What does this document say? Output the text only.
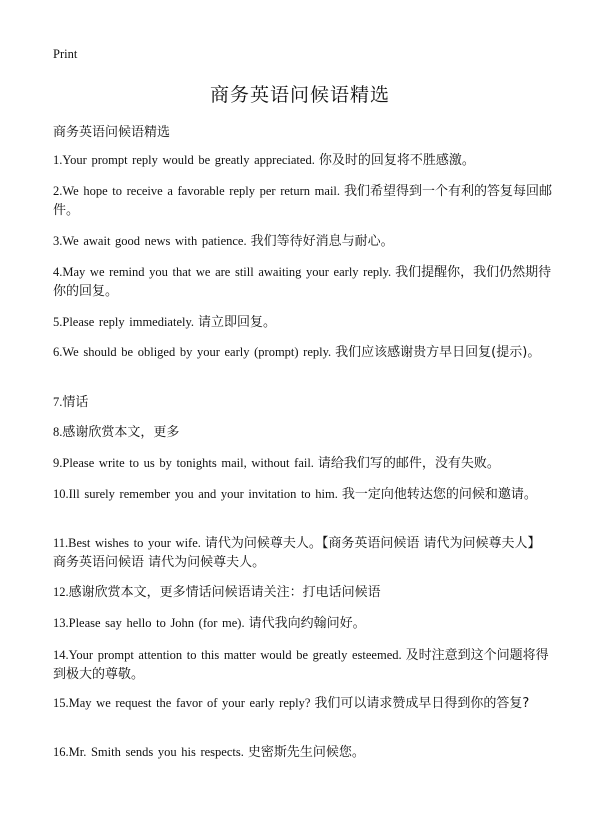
Print
商务英语问候语精选
商务英语问候语精选
1.Your prompt reply would be greatly appreciated. 你及时的回复将不胜感激。
2.We hope to receive a favorable reply per return mail. 我们希望得到一个有利的答复每回邮件。
3.We await good news with patience. 我们等待好消息与耐心。
4.May we remind you that we are still awaiting your early reply. 我们提醒你，我们仍然期待你的回复。
5.Please reply immediately. 请立即回复。
6.We should be obliged by your early (prompt) reply. 我们应该感谢贵方早日回复(提示)。
7.情话
8.感谢欣赏本文，更多
9.Please write to us by tonights mail, without fail. 请给我们写的邮件，没有失败。
10.Ill surely remember you and your invitation to him. 我一定向他转达您的问候和邀请。
11.Best wishes to your wife. 请代为问候尊夫人。【商务英语问候语 请代为问候尊夫人】商务英语问候语 请代为问候尊夫人。
12.感谢欣赏本文，更多情话问候语请关注：打电话问候语
13.Please say hello to John (for me). 请代我向约翰问好。
14.Your prompt attention to this matter would be greatly esteemed. 及时注意到这个问题将得到极大的尊敬。
15.May we request the favor of your early reply? 我们可以请求赞成早日得到你的答复?
16.Mr. Smith sends you his respects. 史密斯先生问候您。
